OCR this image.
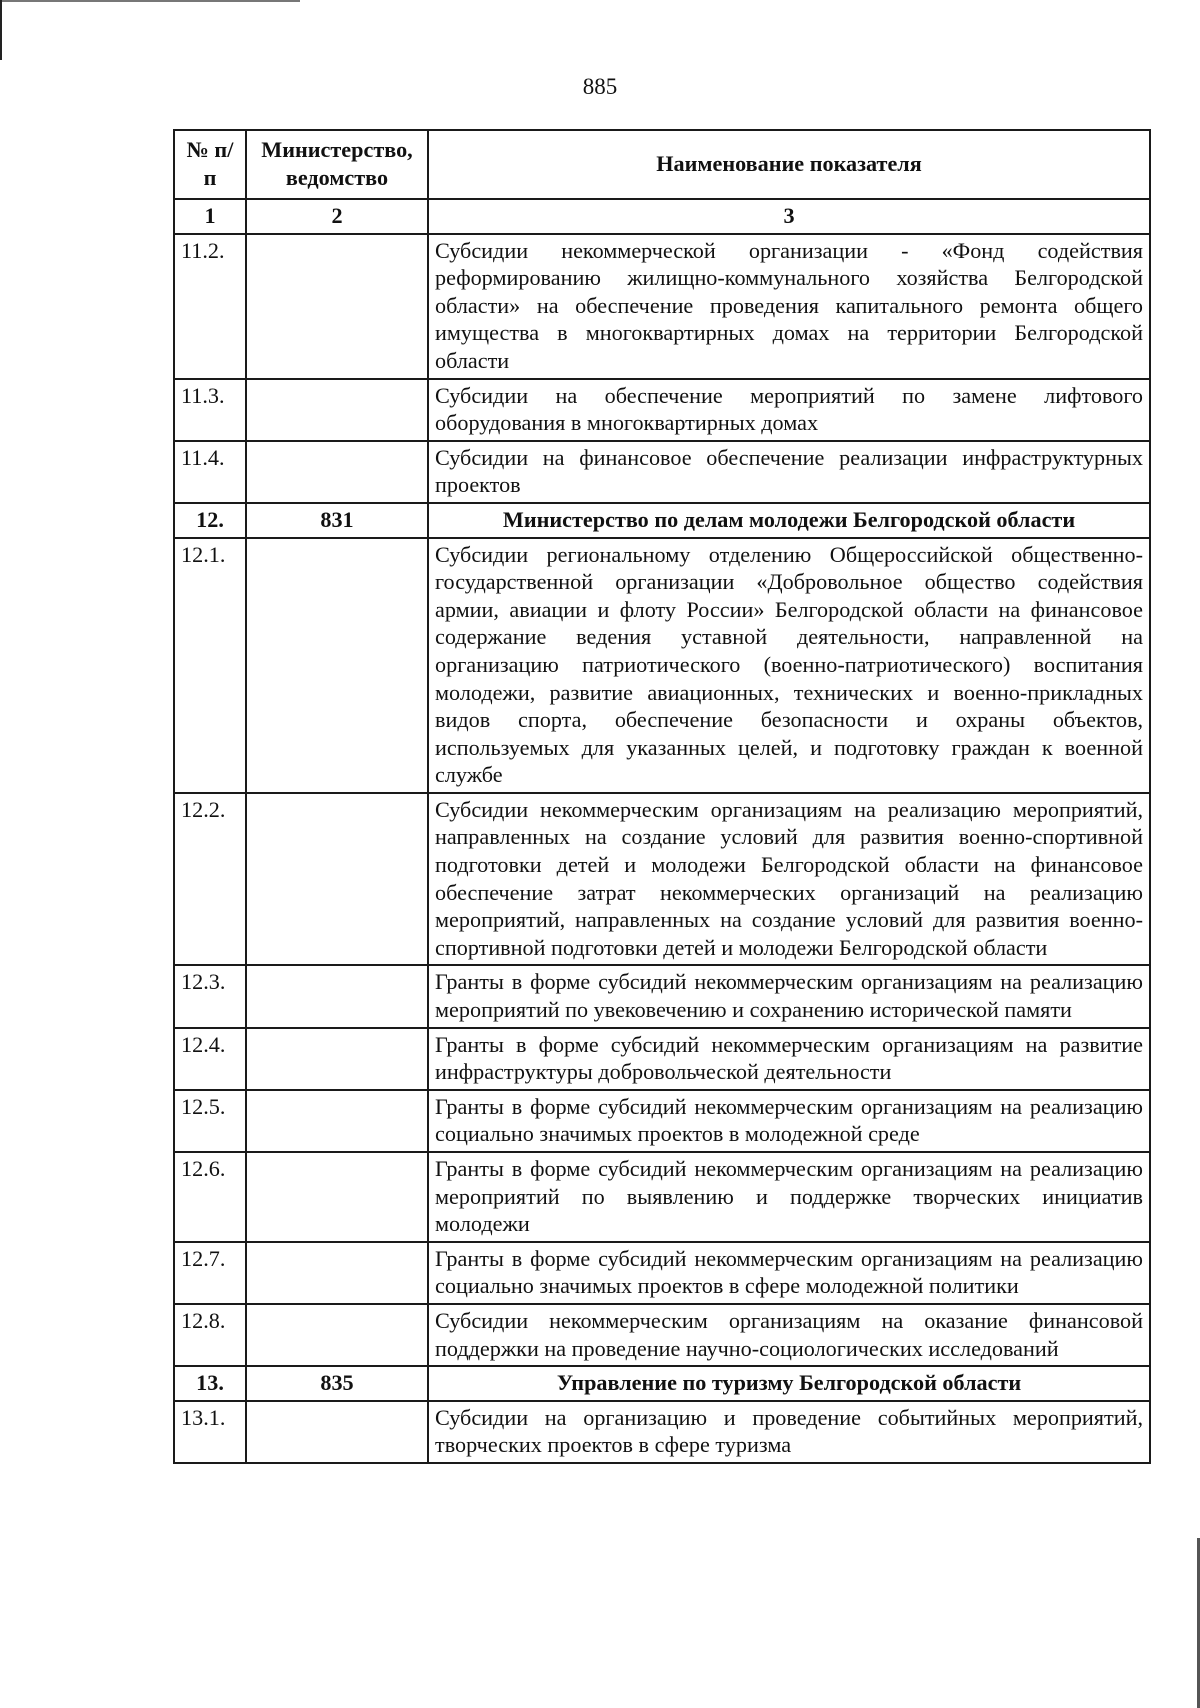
885
№ п/п	Министерство, ведомство	Наименование показателя
1	2	3
11.2.		Субсидии некоммерческой организации - «Фонд содействия реформированию жилищно-коммунального хозяйства Белгородской области» на обеспечение проведения капитального ремонта общего имущества в многоквартирных домах на территории Белгородской области
11.3.		Субсидии на обеспечение мероприятий по замене лифтового оборудования в многоквартирных домах
11.4.		Субсидии на финансовое обеспечение реализации инфраструктурных проектов
12.	831	Министерство по делам молодежи Белгородской области
12.1.		Субсидии региональному отделению Общероссийской общественно-государственной организации «Добровольное общество содействия армии, авиации и флоту России» Белгородской области на финансовое содержание ведения уставной деятельности, направленной на организацию патриотического (военно-патриотического) воспитания молодежи, развитие авиационных, технических и военно-прикладных видов спорта, обеспечение безопасности и охраны объектов, используемых для указанных целей, и подготовку граждан к военной службе
12.2.		Субсидии некоммерческим организациям на реализацию мероприятий, направленных на создание условий для развития военно-спортивной подготовки детей и молодежи Белгородской области на финансовое обеспечение затрат некоммерческих организаций на реализацию мероприятий, направленных на создание условий для развития военно-спортивной подготовки детей и молодежи Белгородской области
12.3.		Гранты в форме субсидий некоммерческим организациям на реализацию мероприятий по увековечению и сохранению исторической памяти
12.4.		Гранты в форме субсидий некоммерческим организациям на развитие инфраструктуры добровольческой деятельности
12.5.		Гранты в форме субсидий некоммерческим организациям на реализацию социально значимых проектов в молодежной среде
12.6.		Гранты в форме субсидий некоммерческим организациям на реализацию мероприятий по выявлению и поддержке творческих инициатив молодежи
12.7.		Гранты в форме субсидий некоммерческим организациям на реализацию социально значимых проектов в сфере молодежной политики
12.8.		Субсидии некоммерческим организациям на оказание финансовой поддержки на проведение научно-социологических исследований
13.	835	Управление по туризму Белгородской области
13.1.		Субсидии на организацию и проведение событийных мероприятий, творческих проектов в сфере туризма
